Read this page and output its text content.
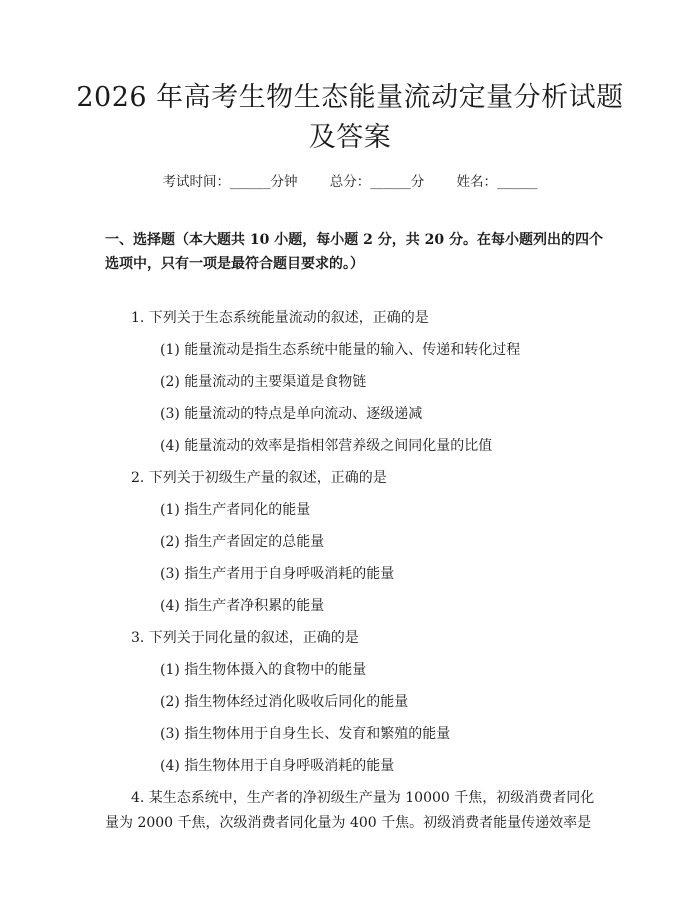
2026 年高考生物生态能量流动定量分析试题
及答案
考试时间：______分钟 总分：______分 姓名：______
一、选择题（本大题共 10 小题，每小题 2 分，共 20 分。在每小题列出的四个选项中，只有一项是最符合题目要求的。）
1. 下列关于生态系统能量流动的叙述，正确的是
(1) 能量流动是指生态系统中能量的输入、传递和转化过程
(2) 能量流动的主要渠道是食物链
(3) 能量流动的特点是单向流动、逐级递减
(4) 能量流动的效率是指相邻营养级之间同化量的比值
2. 下列关于初级生产量的叙述，正确的是
(1) 指生产者同化的能量
(2) 指生产者固定的总能量
(3) 指生产者用于自身呼吸消耗的能量
(4) 指生产者净积累的能量
3. 下列关于同化量的叙述，正确的是
(1) 指生物体摄入的食物中的能量
(2) 指生物体经过消化吸收后同化的能量
(3) 指生物体用于自身生长、发育和繁殖的能量
(4) 指生物体用于自身呼吸消耗的能量
4. 某生态系统中，生产者的净初级生产量为 10000 千焦，初级消费者同化量为 2000 千焦，次级消费者同化量为 400 千焦。初级消费者能量传递效率是
